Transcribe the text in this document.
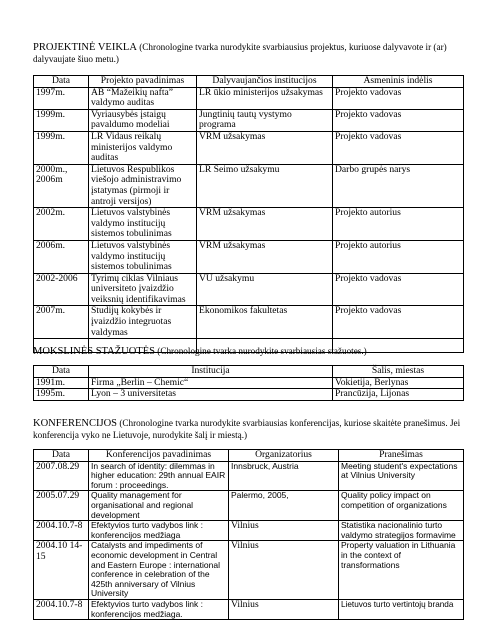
PROJEKTINĖ VEIKLA (Chronologine tvarka nurodykite svarbiausius projektus, kuriuose dalyvavote ir (ar) dalyvaujate šiuo metu.)
Data	Projekto pavadinimas	Dalyvaujančios institucijos	Asmeninis indėlis
1997m.	AB “Mažeikių nafta” valdymo auditas	LR ūkio ministerijos užsakymas	Projekto vadovas
1999m.	Vyriausybės įstaigų pavaldumo modeliai	Jungtinių tautų vystymo programa	Projekto vadovas
1999m.	LR Vidaus reikalų ministerijos valdymo auditas	VRM užsakymas	Projekto vadovas
2000m., 2006m	Lietuvos Respublikos viešojo administravimo įstatymas (pirmoji ir antroji versijos)	LR Seimo užsakymu	Darbo grupės narys
2002m.	Lietuvos valstybinės valdymo institucijų sistemos tobulinimas	VRM užsakymas	Projekto autorius
2006m.	Lietuvos valstybinės valdymo institucijų sistemos tobulinimas	VRM užsakymas	Projekto autorius
2002-2006	Tyrimų ciklas Vilniaus universiteto įvaizdžio veiksnių identifikavimas	VU užsakymu	Projekto vadovas
2007m.	Studijų kokybės ir įvaizdžio integruotas valdymas	Ekonomikos fakultetas	Projekto vadovas

MOKSLINĖS STAŽUOTĖS (Chronologine tvarka nurodykite svarbiausias stažuotes.)
Data	Institucija	Šalis, miestas
1991m.	Firma „Berlin – Chemic“	Vokietija, Berlynas
1995m.	Lyon – 3 universitetas	Prancūzija, Lijonas
KONFERENCIJOS (Chronologine tvarka nurodykite svarbiausias konferencijas, kuriose skaitėte pranešimus. Jei konferencija vyko ne Lietuvoje, nurodykite šalį ir miestą.)
Data	Konferencijos pavadinimas	Organizatorius	Pranešimas
2007.08.29	In search of identity: dilemmas in higher education: 29th annual EAIR forum : proceedings.	Innsbruck, Austria	Meeting student's expectations at Vilnius University
2005.07.29	Quality management for organisational and regional development	Palermo, 2005,	Quality policy impact on competition of organizations
2004.10.7-8	Efektyvios turto vadybos link : konferencijos medžiaga	Vilnius	Statistika nacionalinio turto valdymo strategijos formavime
2004.10 14-15	Catalysts and impediments of economic development in Central and Eastern Europe : international conference in celebration of the 425th anniversary of Vilnius University	Vilnius	Property valuation in Lithuania in the context of transformations
2004.10.7-8	Efektyvios turto vadybos link : konferencijos medžiaga.	Vilnius	Lietuvos turto vertintojų branda
